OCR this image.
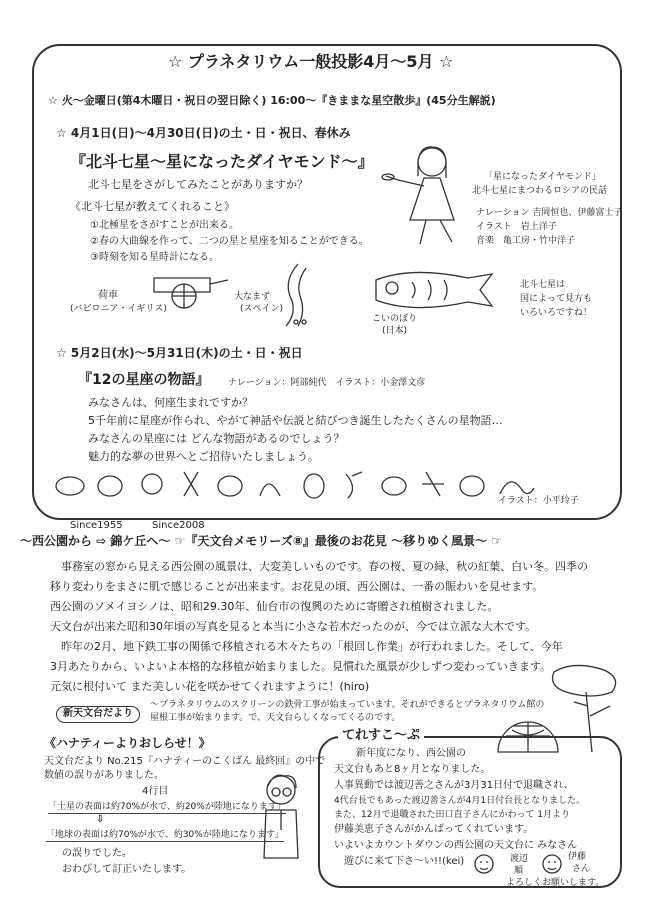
☆ プラネタリウム一般投影4月～5月 ☆
☆ 火～金曜日(第4木曜日・祝日の翌日除く) 16:00～『きままな星空散歩』(45分生解説)
☆ 4月1日(日)～4月30日(日)の土・日・祝日、春休み
『北斗七星～星になったダイヤモンド～』
北斗七星をさがしてみたことがありますか？
《北斗七星が教えてくれること》
①北極星をさがすことが出来る。
②春の大曲線を作って、二つの星と星座を知ることができる。
③時刻を知る星時計になる。
「星になったダイヤモンド」
北斗七星にまつわるロシアの民話
ナレーション 吉岡恒也、伊藤富士子
イラスト　岩上洋子
音楽　亀工房・竹中洋子
荷車
(バビロニア・イギリス)
大なまず
(スペイン)
こいのぼり
(日本)
北斗七星は
国によって見方も
いろいろですね！
☆ 5月2日(水)～5月31日(木)の土・日・祝日
『12の星座の物語』 ナレーション：阿部純代　イラスト：小金澤文彦
みなさんは、何座生まれですか？
5千年前に星座が作られ、やがて神話や伝説と結びつき誕生したたくさんの星物語…
みなさんの星座には どんな物語があるのでしょう？
魅力的な夢の世界へとご招待いたしましょう。
イラスト：小平玲子
Since1955	Since2008
～西公園から ⇨ 錦ケ丘へ～ ☞『天文台メモリーズ⑧』最後のお花見 ～移りゆく風景～ ☞
　事務室の窓から見える西公園の風景は、大変美しいものです。春の桜、夏の緑、秋の紅葉、白い冬。四季の
移り変わりをまさに肌で感じることが出来ます。お花見の頃、西公園は、一番の賑わいを見せます。
西公園のソメイヨシノは、昭和29.30年、仙台市の復興のために寄贈され植樹されました。
天文台が出来た昭和30年頃の写真を見ると本当に小さな若木だったのが、今では立派な大木です。
　昨年の2月、地下鉄工事の関係で移植される木々たちの「根回し作業」が行われました。そして、今年
3月あたりから、いよいよ本格的な移植が始まりました。見慣れた風景が少しずつ変わっていきます。
元気に根付いて また美しい花を咲かせてくれますように！(hiro)
新天文台だより
～プラネタリウムのスクリーンの鉄骨工事が始まっています。それができるとプラネタリウム館の
屋根工事が始まります。で、天文台らしくなってくるのです。
《ハナティーよりおしらせ！》
天文台だより No.215『ハナティーのこくばん 最終回』の中で
数値の誤りがありました。
4行目
「土星の表面は約70%が水で、約20%が陸地になります」
⇩
「地球の表面は約70%が水で、約30%が陸地になります」
の誤りでした。
おわびして訂正いたします。
てれすこ～ぷ
新年度になり、西公園の
天文台もあと8ヶ月となりました。
人事異動では渡辺善之さんが3月31日付で退職され、
4代台長でもあった渡辺善さんが4月1日付台長となりました。
また、12月で退職された田口直子さんにかわって 1月より
伊藤美恵子さんがかんばってくれています。
いよいよカウントダウンの西公園の天文台に みなさん
遊びに来て下さ～い!!(kei)	渡辺
順
伊藤
さん
よろしくお願いします。
